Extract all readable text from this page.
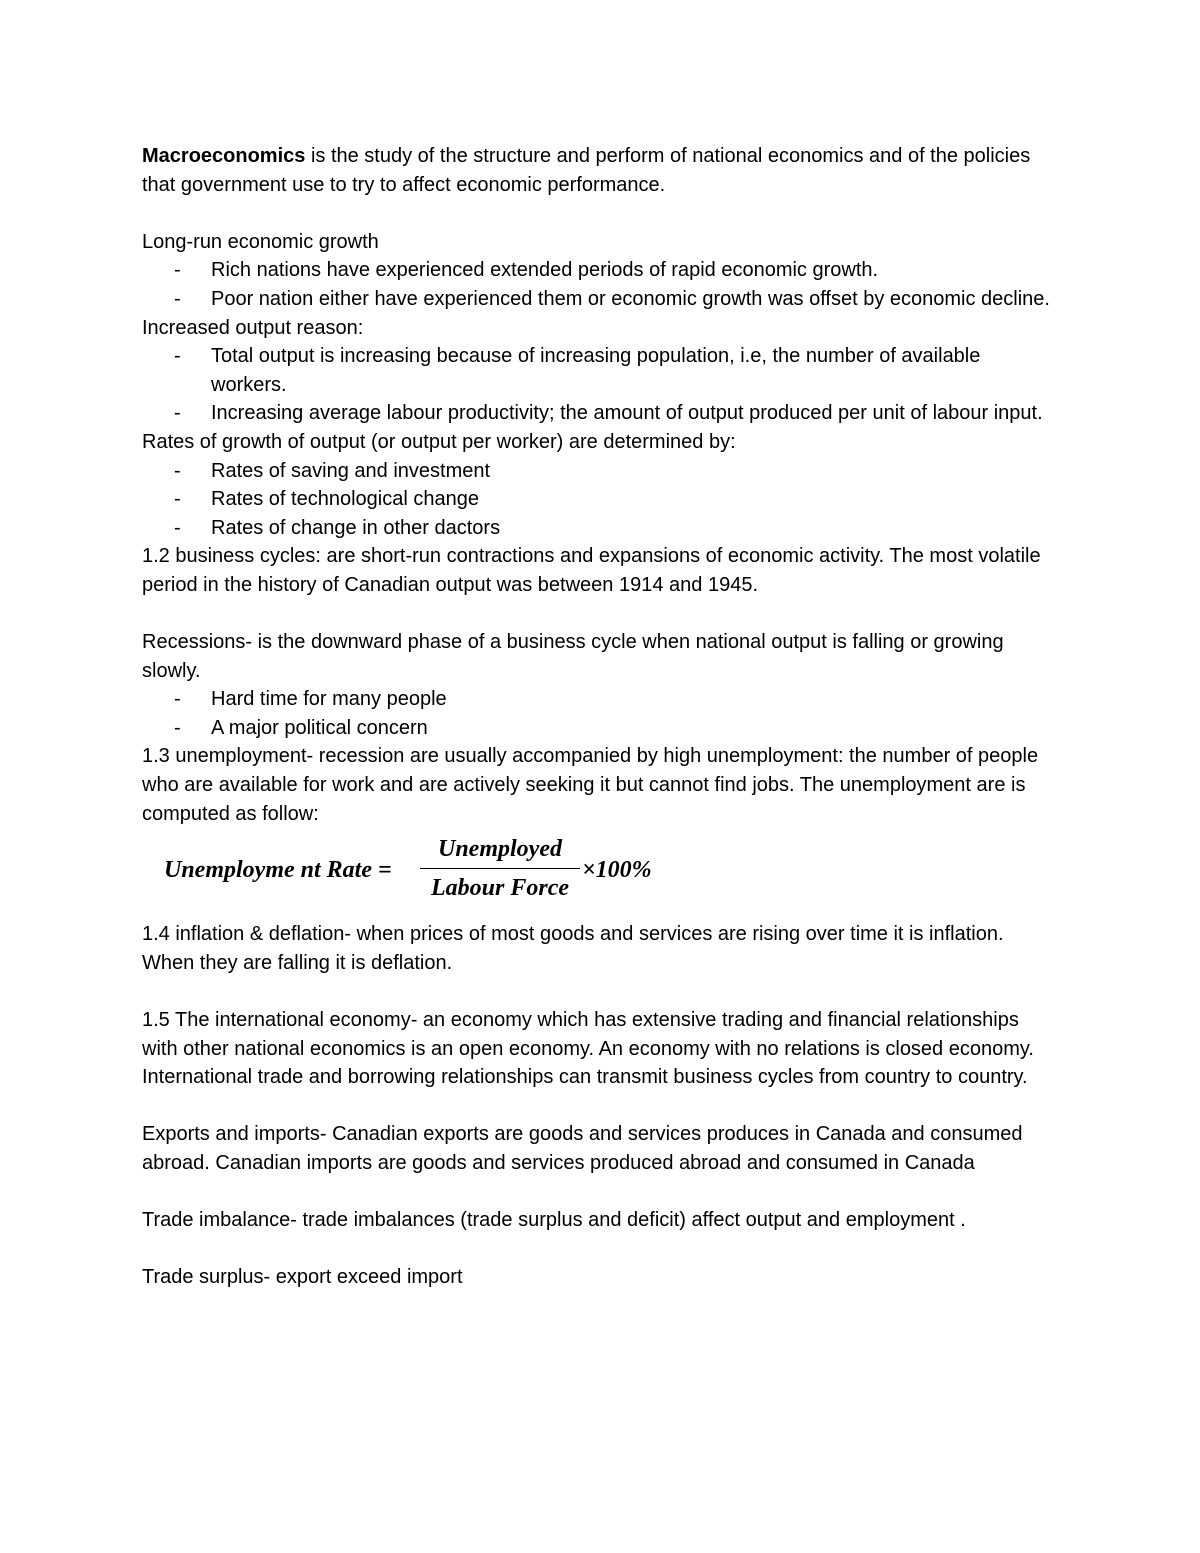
Macroeconomics is the study of the structure and perform of national economics and of the policies that government use to try to affect economic performance.

Long-run economic growth

- Rich nations have experienced extended periods of rapid economic growth.
- Poor nation either have experienced them or economic growth was offset by economic decline.

Increased output reason:

- Total output is increasing because of increasing population, i.e, the number of available workers.
- Increasing average labour productivity; the amount of output produced per unit of labour input.

Rates of growth of output (or output per worker) are determined by:

- Rates of saving and investment
- Rates of technological change
- Rates of change in other dactors

1.2 business cycles: are short-run contractions and expansions of economic activity. The most volatile period in the history of Canadian output was between 1914 and 1945.

Recessions- is the downward phase of a business cycle when national output is falling or growing slowly.

- Hard time for many people
- A major political concern

1.3 unemployment- recession are usually accompanied by high unemployment: the number of people who are available for work and are actively seeking it but cannot find jobs. The unemployment are is computed as follow:

Unemployme nt Rate =
Unemployed
Labour Force
×100%

1.4 inflation & deflation- when prices of most goods and services are rising over time it is inflation. When they are falling it is deflation.

1.5 The international economy- an economy which has extensive trading and financial relationships with other national economics is an open economy. An economy with no relations is closed economy. International trade and borrowing relationships can transmit business cycles from country to country.

Exports and imports- Canadian exports are goods and services produces in Canada and consumed abroad. Canadian imports are goods and services produced abroad and consumed in Canada

Trade imbalance- trade imbalances (trade surplus and deficit) affect output and employment .

Trade surplus- export exceed import
